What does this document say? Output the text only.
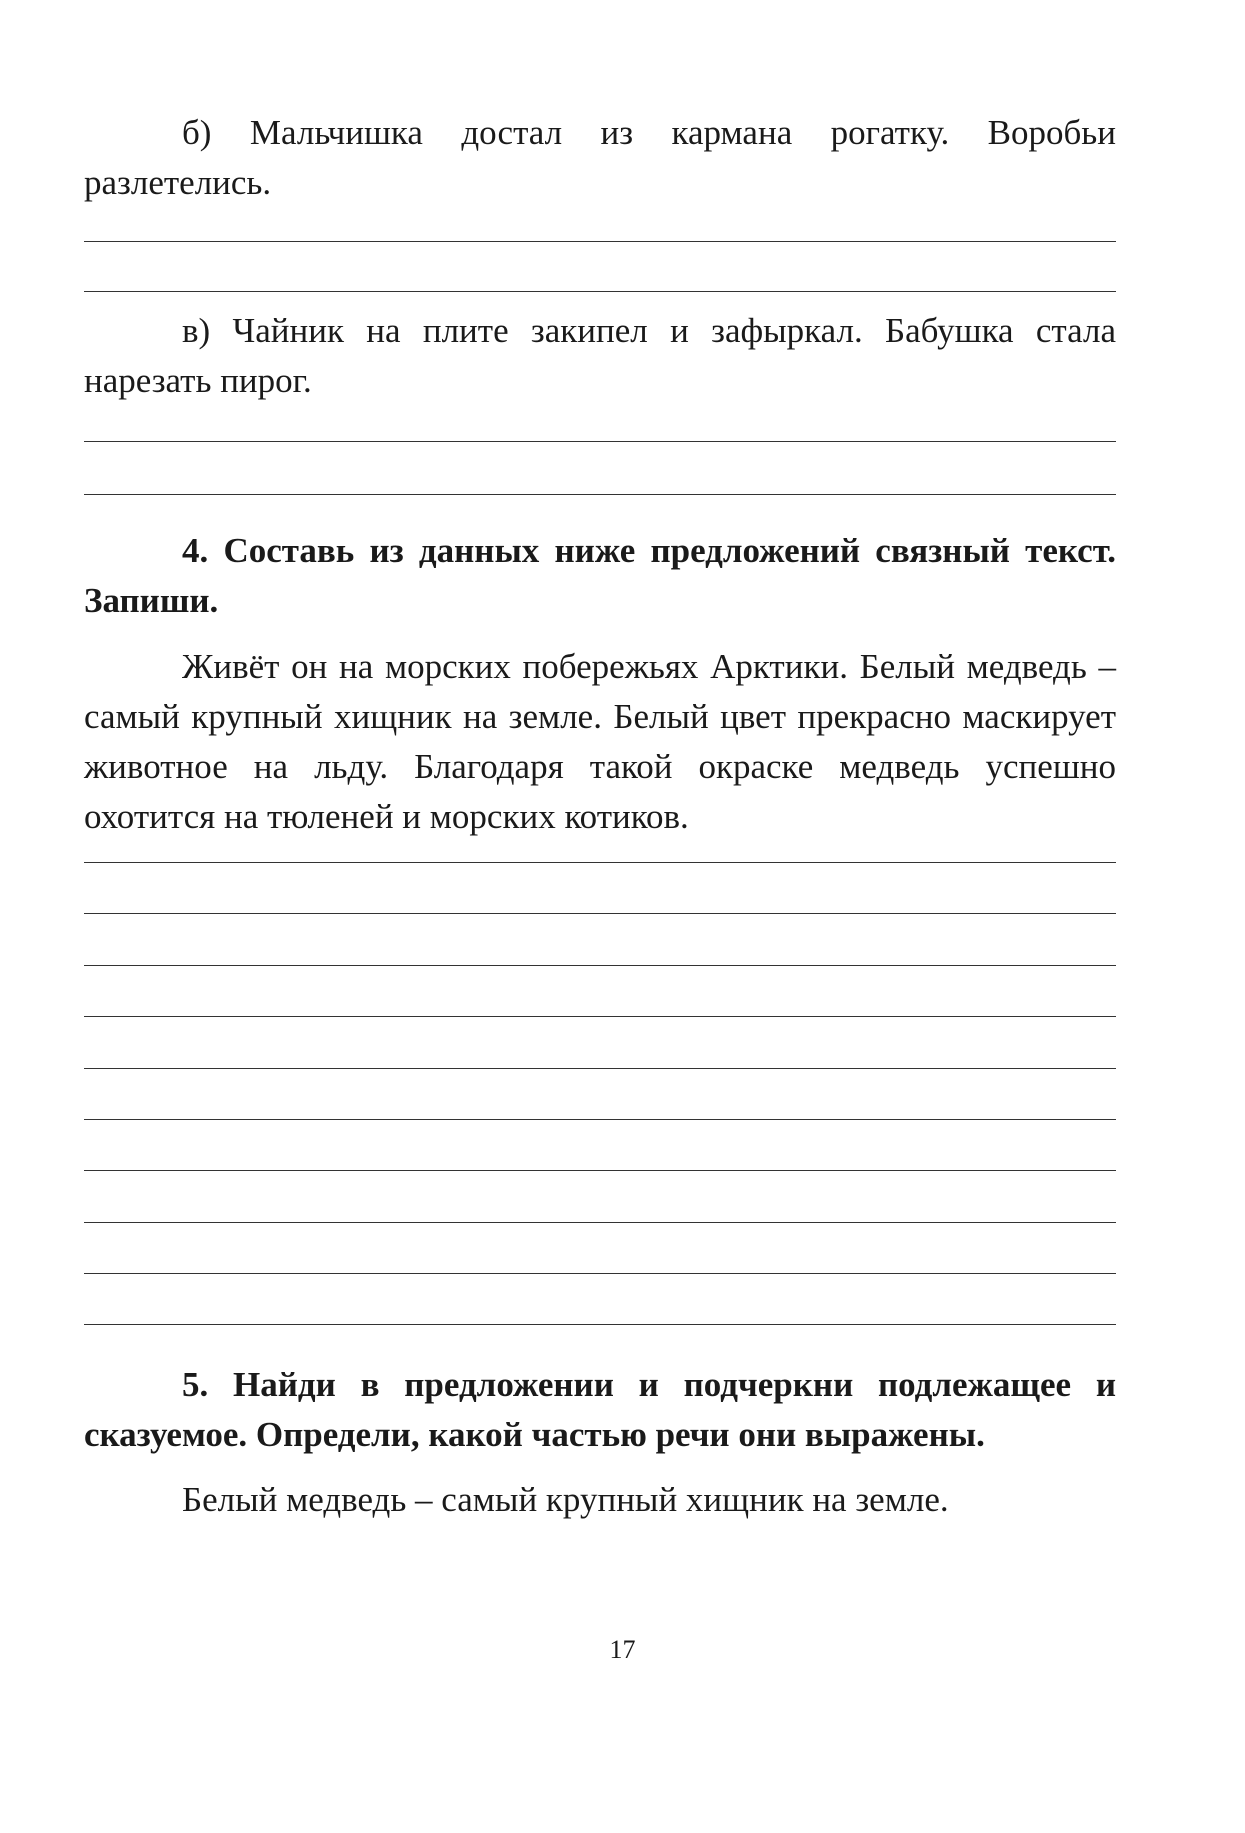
б) Мальчишка достал из кармана рогатку. Воробьи разлетелись.

в) Чайник на плите закипел и зафыркал. Бабушка стала нарезать пирог.

4. Составь из данных ниже предложений связный текст. Запиши.

Живёт он на морских побережьях Арктики. Белый медведь – самый крупный хищник на земле. Белый цвет прекрасно маскирует животное на льду. Благодаря такой окраске медведь успешно охотится на тюленей и морских котиков.

5. Найди в предложении и подчеркни подлежащее и сказуемое. Определи, какой частью речи они выражены.

Белый медведь – самый крупный хищник на земле.

17
